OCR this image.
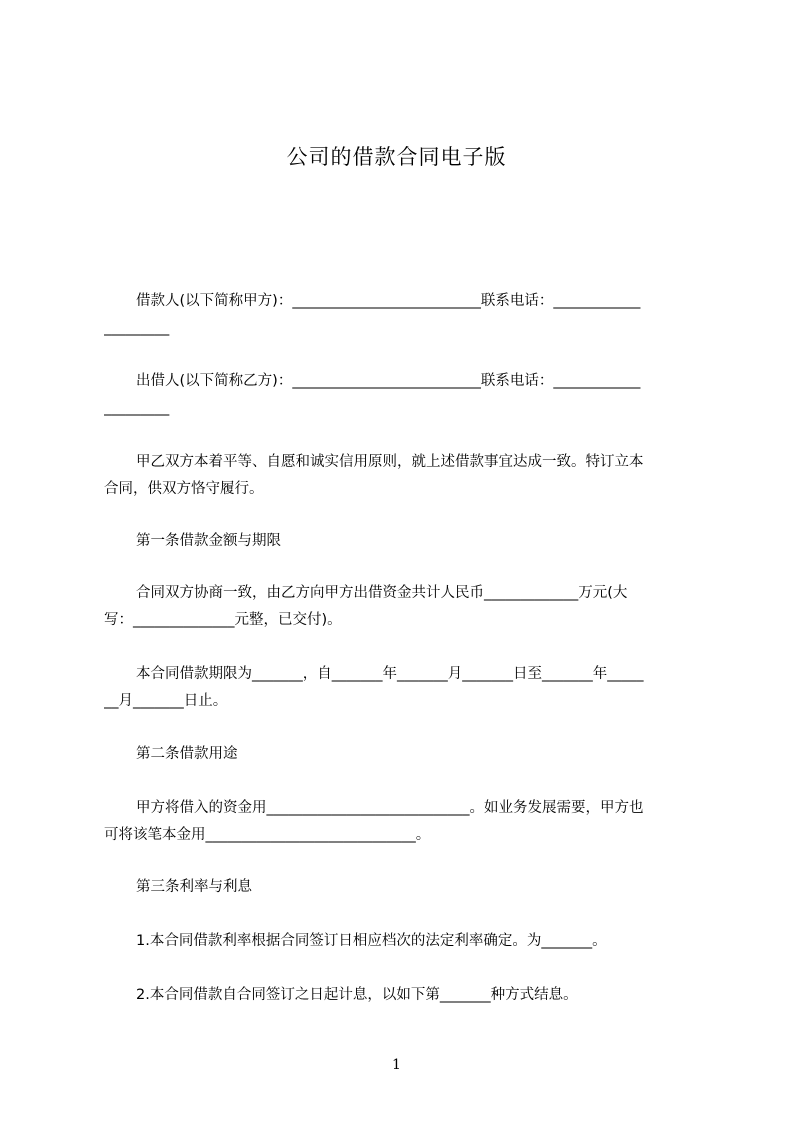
公司的借款合同电子版
借款人(以下简称甲方)：__________________________联系电话：____________
_________
出借人(以下简称乙方)：__________________________联系电话：____________
_________
甲乙双方本着平等、自愿和诚实信用原则，就上述借款事宜达成一致。特订立本
合同，供双方恪守履行。
第一条借款金额与期限
合同双方协商一致，由乙方向甲方出借资金共计人民币_____________万元(大
写：______________元整，已交付)。
本合同借款期限为_______，自_______年_______月_______日至_______年_____
__月_______日止。
第二条借款用途
甲方将借入的资金用____________________________。如业务发展需要，甲方也
可将该笔本金用_____________________________。
第三条利率与利息
1.本合同借款利率根据合同签订日相应档次的法定利率确定。为_______。
2.本合同借款自合同签订之日起计息，以如下第_______种方式结息。
1
